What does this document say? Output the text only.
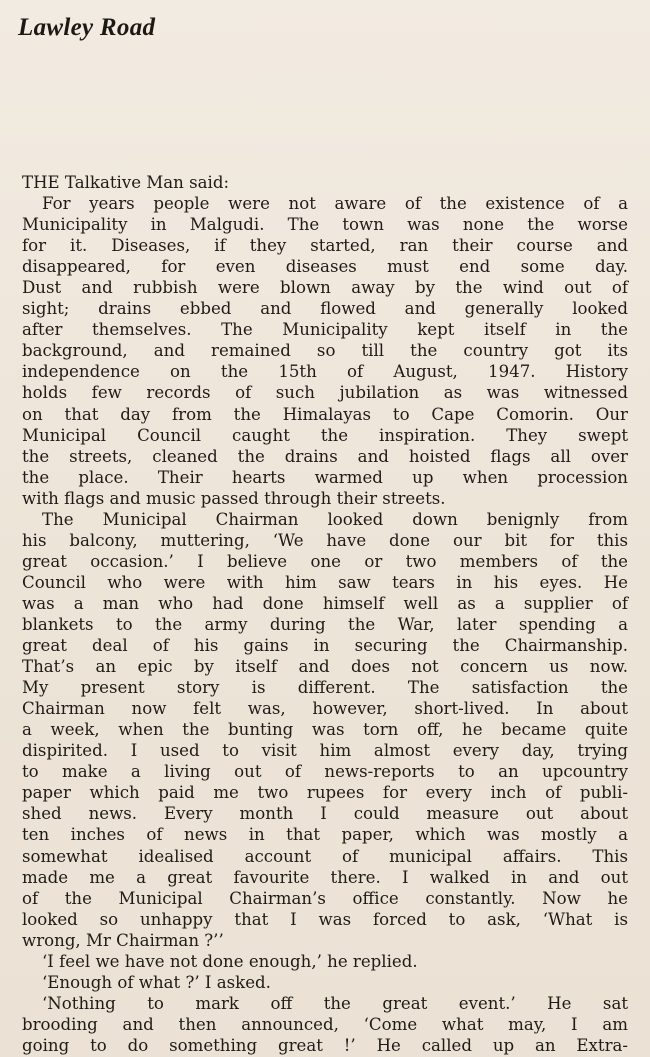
Lawley Road
THE Talkative Man said:
For years people were not aware of the existence of a
Municipality in Malgudi. The town was none the worse
for it. Diseases, if they started, ran their course and
disappeared, for even diseases must end some day.
Dust and rubbish were blown away by the wind out of
sight; drains ebbed and flowed and generally looked
after themselves. The Municipality kept itself in the
background, and remained so till the country got its
independence on the 15th of August, 1947. History
holds few records of such jubilation as was witnessed
on that day from the Himalayas to Cape Comorin. Our
Municipal Council caught the inspiration. They swept
the streets, cleaned the drains and hoisted flags all over
the place. Their hearts warmed up when procession
with flags and music passed through their streets.
The Municipal Chairman looked down benignly from
his balcony, muttering, ‘We have done our bit for this
great occasion.’ I believe one or two members of the
Council who were with him saw tears in his eyes. He
was a man who had done himself well as a supplier of
blankets to the army during the War, later spending a
great deal of his gains in securing the Chairmanship.
That’s an epic by itself and does not concern us now.
My present story is different. The satisfaction the
Chairman now felt was, however, short-lived. In about
a week, when the bunting was torn off, he became quite
dispirited. I used to visit him almost every day, trying
to make a living out of news-reports to an upcountry
paper which paid me two rupees for every inch of publi-
shed news. Every month I could measure out about
ten inches of news in that paper, which was mostly a
somewhat idealised account of municipal affairs. This
made me a great favourite there. I walked in and out
of the Municipal Chairman’s office constantly. Now he
looked so unhappy that I was forced to ask, ‘What is
wrong, Mr Chairman ?’’
‘I feel we have not done enough,’ he replied.
‘Enough of what ?’ I asked.
‘Nothing to mark off the great event.’ He sat
brooding and then announced, ‘Come what may, I am
going to do something great !’ He called up an Extra-
